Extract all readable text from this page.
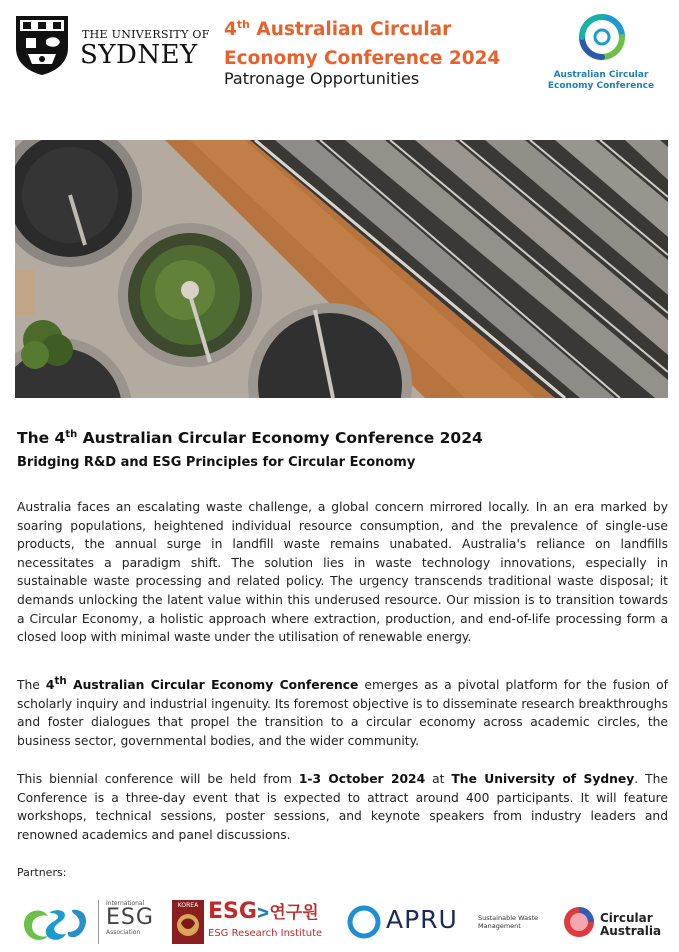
THE UNIVERSITY OF
SYDNEY
4th Australian Circular
Economy Conference 2024
Patronage Opportunities	Australian Circular
Economy Conference
The 4th Australian Circular Economy Conference 2024
Bridging R&D and ESG Principles for Circular Economy

Australia faces an escalating waste challenge, a global concern mirrored locally. In an era marked by soaring populations, heightened individual resource consumption, and the prevalence of single-use products, the annual surge in landfill waste remains unabated. Australia's reliance on landfills necessitates a paradigm shift. The solution lies in waste technology innovations, especially in sustainable waste processing and related policy. The urgency transcends traditional waste disposal; it demands unlocking the latent value within this underused resource. Our mission is to transition towards a Circular Economy, a holistic approach where extraction, production, and end-of-life processing form a closed loop with minimal waste under the utilisation of renewable energy.

The 4th Australian Circular Economy Conference emerges as a pivotal platform for the fusion of scholarly inquiry and industrial ingenuity. Its foremost objective is to disseminate research breakthroughs and foster dialogues that propel the transition to a circular economy across academic circles, the business sector, governmental bodies, and the wider community.

This biennial conference will be held from 1-3 October 2024 at The University of Sydney. The Conference is a three-day event that is expected to attract around 400 participants. It will feature workshops, technical sessions, poster sessions, and keynote speakers from industry leaders and renowned academics and panel discussions.

Partners:
International
ESG
Association
KOREA ESGᐳ연구원
ESG Research Institute	APRU	Sustainable Waste
Management
Circular
Australia
